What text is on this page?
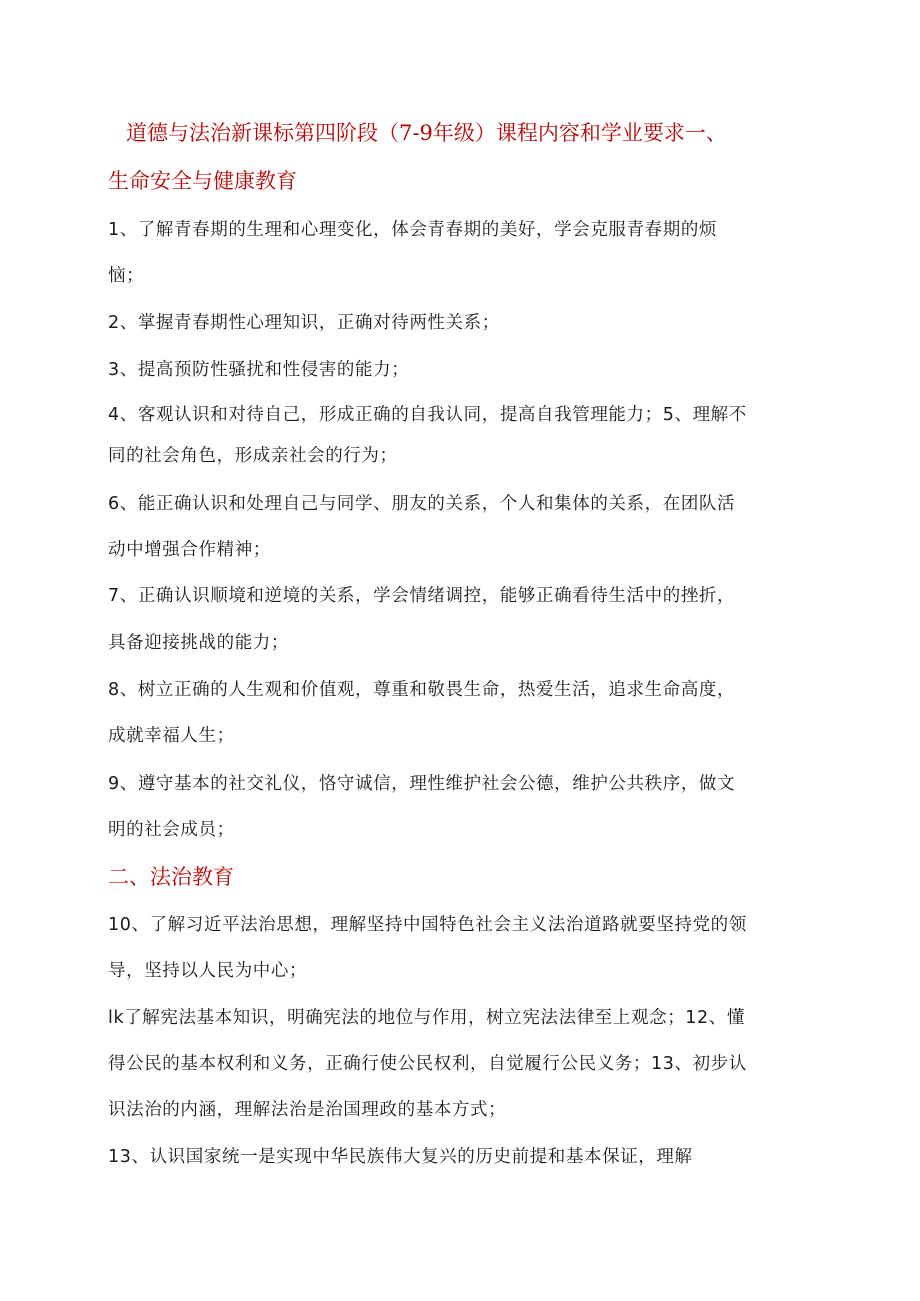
道德与法治新课标第四阶段（7-9年级）课程内容和学业要求一、
生命安全与健康教育
1、了解青春期的生理和心理变化，体会青春期的美好，学会克服青春期的烦
恼；
2、掌握青春期性心理知识，正确对待两性关系；
3、提高预防性骚扰和性侵害的能力；
4、客观认识和对待自己，形成正确的自我认同，提高自我管理能力；5、理解不
同的社会角色，形成亲社会的行为；
6、能正确认识和处理自己与同学、朋友的关系，个人和集体的关系，在团队活
动中增强合作精神；
7、正确认识顺境和逆境的关系，学会情绪调控，能够正确看待生活中的挫折，
具备迎接挑战的能力；
8、树立正确的人生观和价值观，尊重和敬畏生命，热爱生活，追求生命高度，
成就幸福人生；
9、遵守基本的社交礼仪，恪守诚信，理性维护社会公德，维护公共秩序，做文
明的社会成员；
二、法治教育
10、了解习近平法治思想，理解坚持中国特色社会主义法治道路就要坚持党的领
导，坚持以人民为中心；
lk了解宪法基本知识，明确宪法的地位与作用，树立宪法法律至上观念；12、懂
得公民的基本权利和义务，正确行使公民权利，自觉履行公民义务；13、初步认
识法治的内涵，理解法治是治国理政的基本方式；
13、认识国家统一是实现中华民族伟大复兴的历史前提和基本保证，理解
